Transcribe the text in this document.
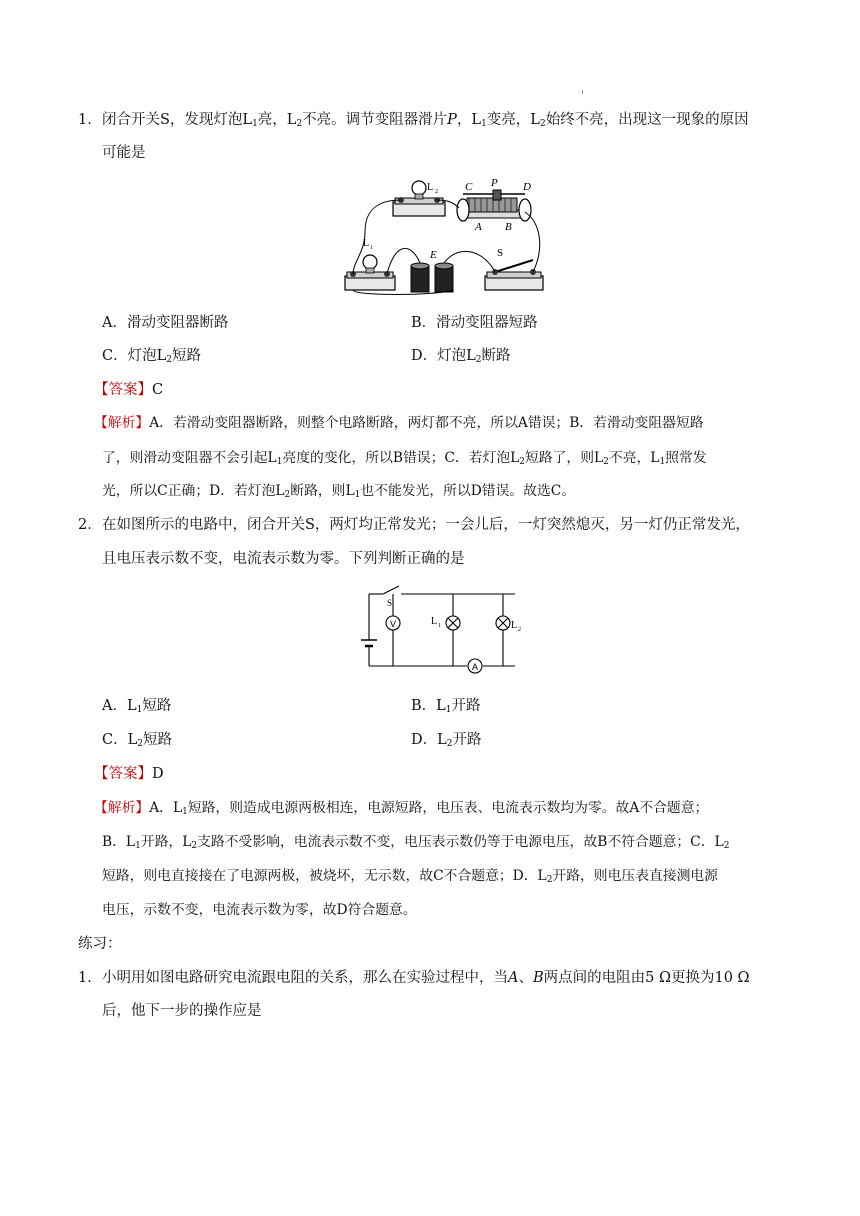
1．闭合开关S，发现灯泡$L_1$亮，$L_2$不亮。调节变阻器滑片P，$L_1$变亮，$L_2$始终不亮，出现这一现象的原因
可能是
L 2 C P D
A B
L 1
E	S
A．滑动变阻器断路	B．滑动变阻器短路
C．灯泡$L_2$短路	D．灯泡$L_2$断路
【答案】C
【解析】A．若滑动变阻器断路，则整个电路断路，两灯都不亮，所以A错误；B．若滑动变阻器短路
了，则滑动变阻器不会引起$L_1$亮度的变化，所以B错误；C．若灯泡$L_2$短路了，则$L_2$不亮，$L_1$照常发
光，所以C正确；D．若灯泡$L_2$断路，则$L_1$也不能发光，所以D错误。故选C。
2．在如图所示的电路中，闭合开关S，两灯均正常发光；一会儿后，一灯突然熄灭，另一灯仍正常发光，
且电压表示数不变，电流表示数为零。下列判断正确的是
V
A
S
L 1	L 2
A．$L_1$短路	B．$L_1$开路
C．$L_2$短路	D．$L_2$开路
【答案】D
【解析】A．$L_1$短路，则造成电源两极相连，电源短路，电压表、电流表示数均为零。故A不合题意；
B．$L_1$开路，$L_2$支路不受影响，电流表示数不变，电压表示数仍等于电源电压，故B不符合题意；C．$L_2$
短路，则电直接接在了电源两极，被烧坏，无示数，故C不合题意；D．$L_2$开路，则电压表直接测电源
电压，示数不变，电流表示数为零，故D符合题意。
练习：
1．小明用如图电路研究电流跟电阻的关系，那么在实验过程中，当A、B两点间的电阻由5 Ω更换为10 Ω
后，他下一步的操作应是
